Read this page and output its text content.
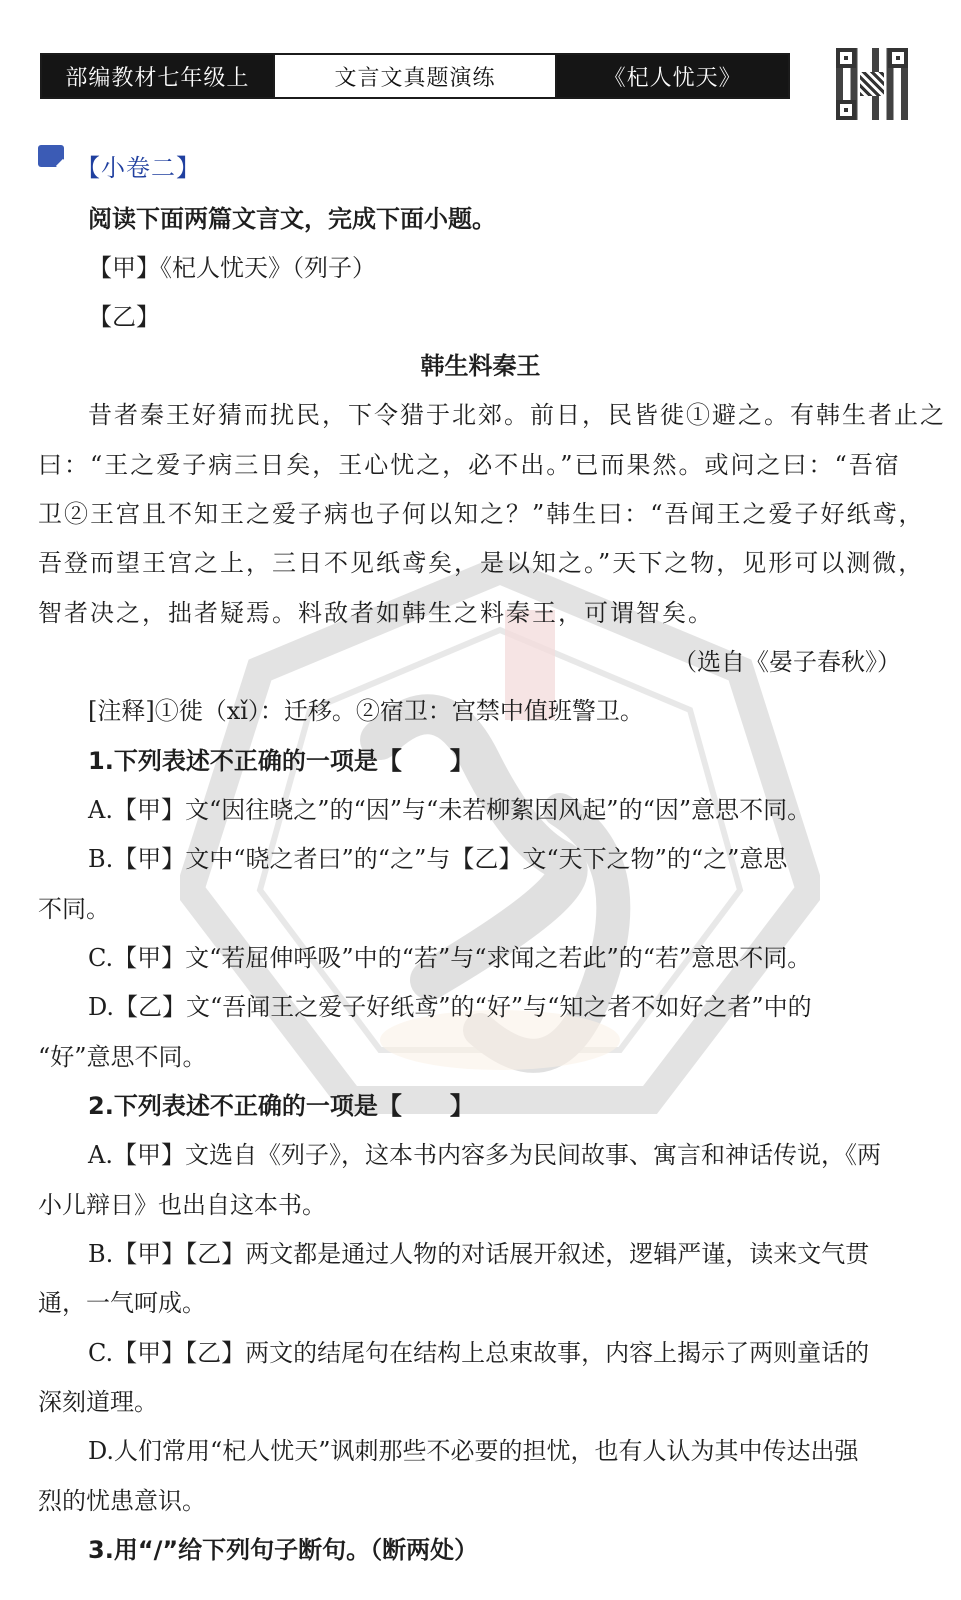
部编教材七年级上	文言文真题演练	《杞人忧天》
【小卷二】
阅读下面两篇文言文，完成下面小题。
【甲】《杞人忧天》（列子）
【乙】
韩生料秦王
昔者秦王好猜而扰民，下令猎于北郊。前日，民皆徙①避之。有韩生者止之
曰：“王之爱子病三日矣，王心忧之，必不出。”已而果然。或问之曰：“吾宿
卫②王宫且不知王之爱子病也子何以知之？”韩生曰：“吾闻王之爱子好纸鸢，
吾登而望王宫之上，三日不见纸鸢矣，是以知之。”天下之物，见形可以测微，
智者决之，拙者疑焉。料敌者如韩生之料秦王，可谓智矣。
（选自《晏子春秋》）
[注释]①徙（xǐ）：迁移。②宿卫：宫禁中值班警卫。
1.下列表述不正确的一项是【　　】
A.【甲】文“因往晓之”的“因”与“未若柳絮因风起”的“因”意思不同。
B.【甲】文中“晓之者曰”的“之”与【乙】文“天下之物”的“之”意思
不同。
C.【甲】文“若屈伸呼吸”中的“若”与“求闻之若此”的“若”意思不同。
D.【乙】文“吾闻王之爱子好纸鸢”的“好”与“知之者不如好之者”中的
“好”意思不同。
2.下列表述不正确的一项是【　　】
A.【甲】文选自《列子》，这本书内容多为民间故事、寓言和神话传说，《两
小儿辩日》也出自这本书。
B.【甲】【乙】两文都是通过人物的对话展开叙述，逻辑严谨，读来文气贯
通，一气呵成。
C.【甲】【乙】两文的结尾句在结构上总束故事，内容上揭示了两则童话的
深刻道理。
D.人们常用“杞人忧天”讽刺那些不必要的担忧，也有人认为其中传达出强
烈的忧患意识。
3.用“/”给下列句子断句。（断两处）
